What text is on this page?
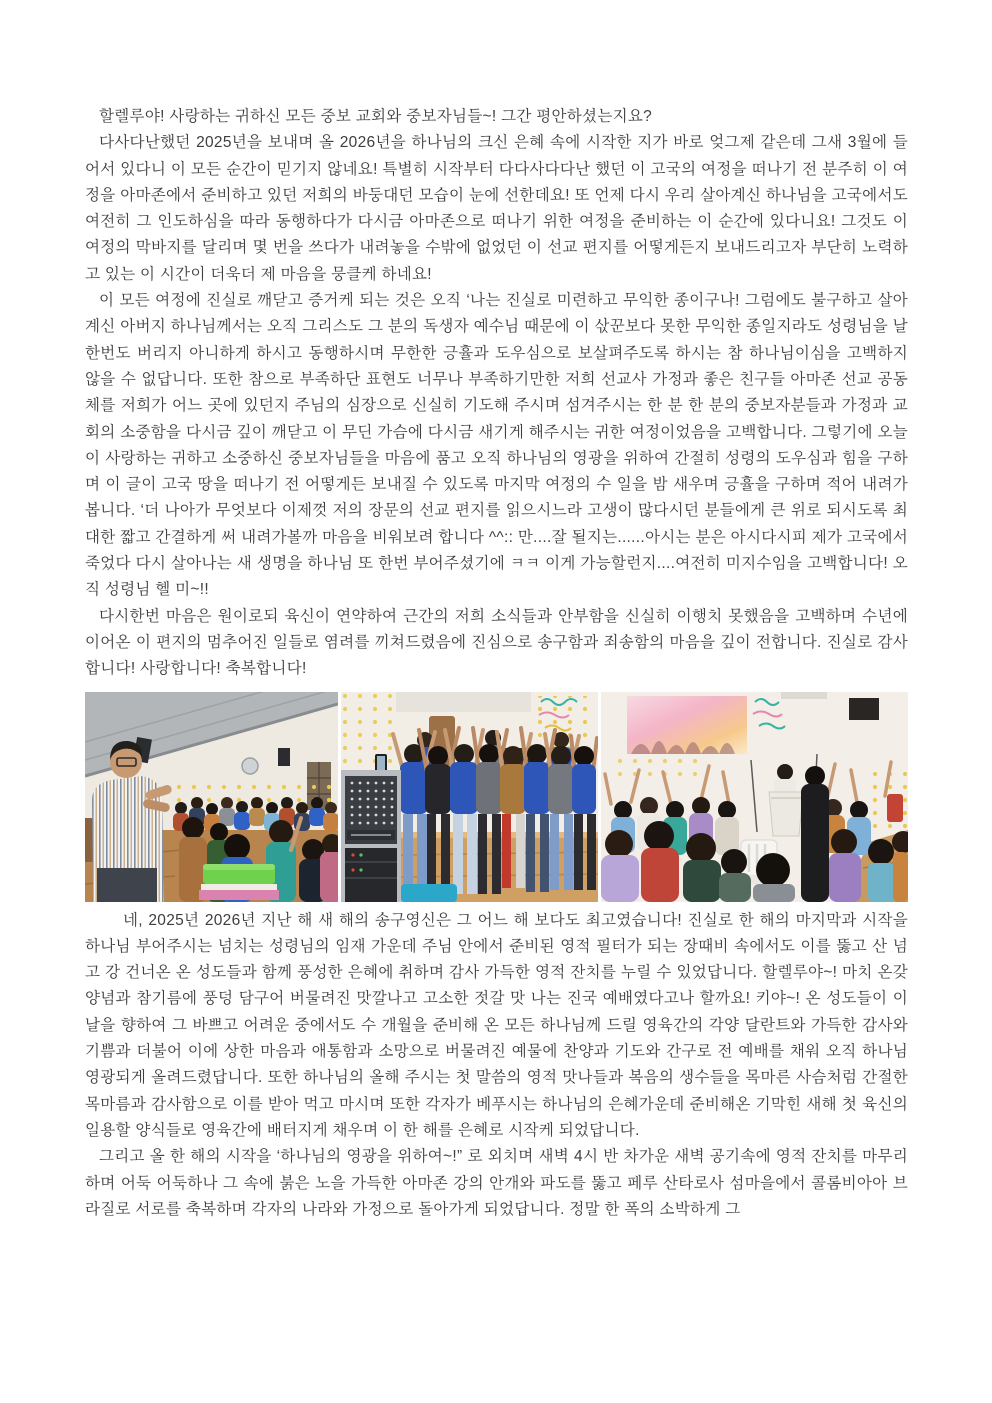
할렐루야! 사랑하는 귀하신 모든 중보 교회와 중보자님들~! 그간 평안하셨는지요?

다사다난했던 2025년을 보내며 올 2026년을 하나님의 크신 은혜 속에 시작한 지가 바로 엊그제 같은데 그새 3월에 들어서 있다니 이 모든 순간이 믿기지 않네요! 특별히 시작부터 다다사다다난 했던 이 고국의 여정을 떠나기 전 분주히 이 여정을 아마존에서 준비하고 있던 저희의 바둥대던 모습이 눈에 선한데요! 또 언제 다시 우리 살아계신 하나님을 고국에서도 여전히 그 인도하심을 따라 동행하다가 다시금 아마존으로 떠나기 위한 여정을 준비하는 이 순간에 있다니요! 그것도 이 여정의 막바지를 달리며 몇 번을 쓰다가 내려놓을 수밖에 없었던 이 선교 편지를 어떻게든지 보내드리고자 부단히 노력하고 있는 이 시간이 더욱더 제 마음을 뭉클케 하네요!

이 모든 여정에 진실로 깨닫고 증거케 되는 것은 오직 ‘나는 진실로 미련하고 무익한 종이구나! 그럼에도 불구하고 살아계신 아버지 하나님께서는 오직 그리스도 그 분의 독생자 예수님 때문에 이 삯꾼보다 못한 무익한 종일지라도 성령님을 날 한번도 버리지 아니하게 하시고 동행하시며 무한한 긍휼과 도우심으로 보살펴주도록 하시는 참 하나님이심을 고백하지 않을 수 없답니다. 또한 참으로 부족하단 표현도 너무나 부족하기만한 저희 선교사 가정과 좋은 친구들 아마존 선교 공동체를 저희가 어느 곳에 있던지 주님의 심장으로 신실히 기도해 주시며 섬겨주시는 한 분 한 분의 중보자분들과 가정과 교회의 소중함을 다시금 깊이 깨닫고 이 무딘 가슴에 다시금 새기게 해주시는 귀한 여정이었음을 고백합니다. 그렇기에 오늘 이 사랑하는 귀하고 소중하신 중보자님들을 마음에 품고 오직 하나님의 영광을 위하여 간절히 성령의 도우심과 힘을 구하며 이 글이 고국 땅을 떠나기 전 어떻게든 보내질 수 있도록 마지막 여정의 수 일을 밤 새우며 긍휼을 구하며 적어 내려가 봅니다. ‘더 나아가 무엇보다 이제껏 저의 장문의 선교 편지를 읽으시느라 고생이 많다시던 분들에게 큰 위로 되시도록 최대한 짧고 간결하게 써 내려가볼까 마음을 비워보려 합니다 ^^:: 만....잘 될지는......아시는 분은 아시다시피 제가 고국에서 죽었다 다시 살아나는 새 생명을 하나님 또 한번 부어주셨기에 ㅋㅋ 이게 가능할런지....여전히 미지수임을 고백합니다! 오직 성령님 헬 미~!!

다시한번 마음은 원이로되 육신이 연약하여 근간의 저희 소식들과 안부함을 신실히 이행치 못했음을 고백하며 수년에 이어온 이 편지의 멈추어진 일들로 염려를 끼쳐드렸음에 진심으로 송구함과 죄송함의 마음을 깊이 전합니다. 진실로 감사합니다! 사랑합니다! 축복합니다!

네, 2025년 2026년 지난 해 새 해의 송구영신은 그 어느 해 보다도 최고였습니다! 진실로 한 해의 마지막과 시작을 하나님 부어주시는 넘치는 성령님의 임재 가운데 주님 안에서 준비된 영적 필터가 되는 장때비 속에서도 이를 뚫고 산 넘고 강 건너온 온 성도들과 함께 풍성한 은혜에 취하며 감사 가득한 영적 잔치를 누릴 수 있었답니다. 할렐루야~! 마치 온갖 양념과 참기름에 풍덩 담구어 버물려진 맛깔나고 고소한 젓갈 맛 나는 진국 예배였다고나 할까요! 키야~! 온 성도들이 이 날을 향하여 그 바쁘고 어려운 중에서도 수 개월을 준비해 온 모든 하나님께 드릴 영육간의 각양 달란트와 가득한 감사와 기쁨과 더불어 이에 상한 마음과 애통함과 소망으로 버물려진 예물에 찬양과 기도와 간구로 전 예배를 채워 오직 하나님 영광되게 올려드렸답니다. 또한 하나님의 올해 주시는 첫 말씀의 영적 맛나들과 복음의 생수들을 목마른 사슴처럼 간절한 목마름과 감사함으로 이를 받아 먹고 마시며 또한 각자가 베푸시는 하나님의 은혜가운데 준비해온 기막힌 새해 첫 육신의 일용할 양식들로 영육간에 배터지게 채우며 이 한 해를 은혜로 시작케 되었답니다.

그리고 올 한 해의 시작을 ‘하나님의 영광을 위하여~!” 로 외치며 새벽 4시 반 차가운 새벽 공기속에 영적 잔치를 마무리하며 어둑 어둑하나 그 속에 붉은 노을 가득한 아마존 강의 안개와 파도를 뚫고 페루 산타로사 섬마을에서 콜롬비아아 브라질로 서로를 축복하며 각자의 나라와 가정으로 돌아가게 되었답니다. 정말 한 폭의 소박하게 그
